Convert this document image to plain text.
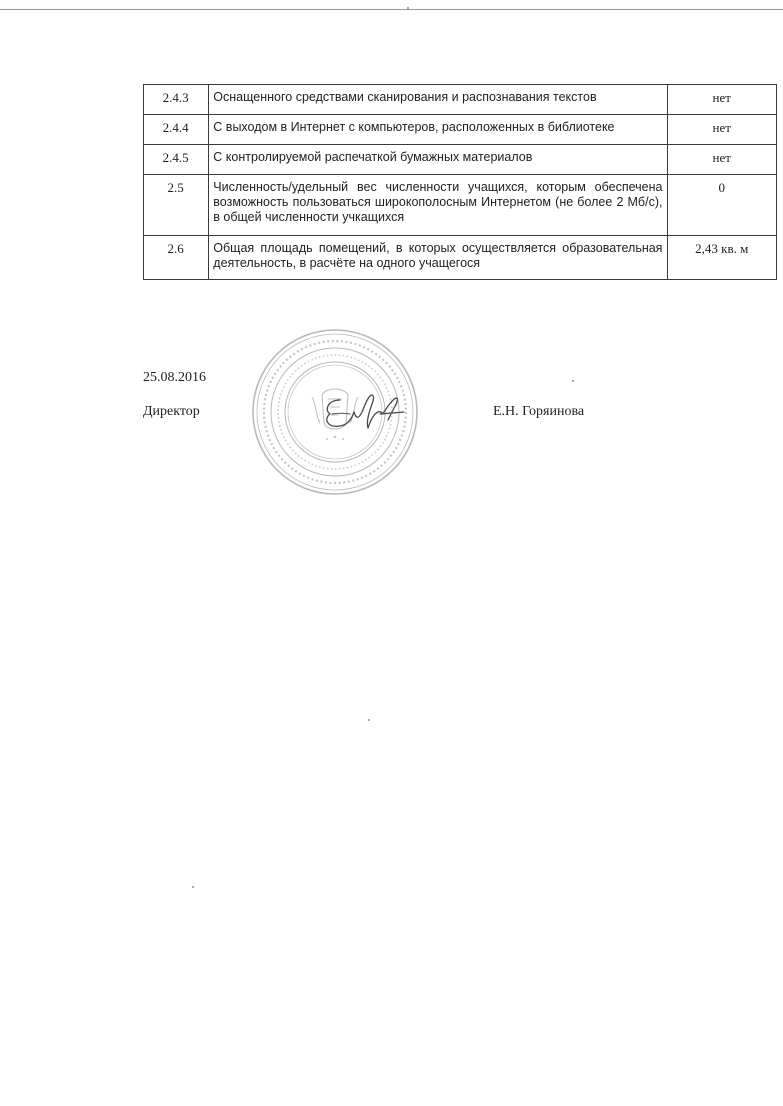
2.4.3	Оснащенного средствами сканирования и распознавания текстов	нет
2.4.4	С выходом в Интернет с компьютеров, расположенных в библиотеке	нет
2.4.5	С контролируемой распечаткой бумажных материалов	нет
2.5	Численность/удельный вес численности учащихся, которым обеспечена возможность пользоваться широкополосным Интернетом (не более 2 Мб/с), в общей численности учкащихся	0
2.6	Общая площадь помещений, в которых осуществляется образовательная деятельность, в расчёте на одного учащегося	2,43 кв. м
25.08.2016
Директор	Е.Н. Горяинова
